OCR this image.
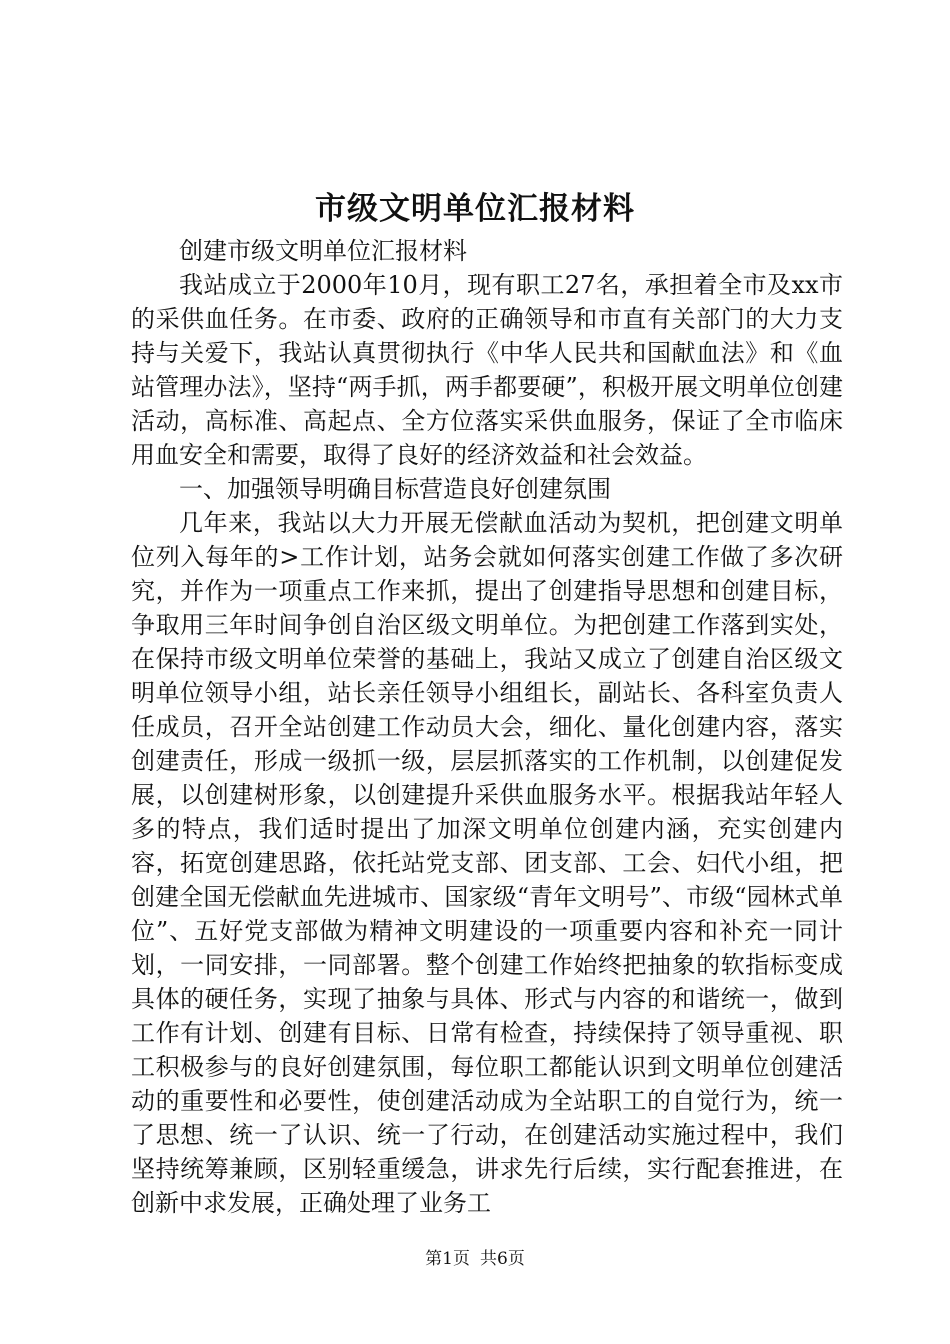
市级文明单位汇报材料

创建市级文明单位汇报材料

我站成立于2000年10月，现有职工27名，承担着全市及xx市的采供血任务。在市委、政府的正确领导和市直有关部门的大力支持与关爱下，我站认真贯彻执行《中华人民共和国献血法》和《血站管理办法》，坚持“两手抓，两手都要硬”，积极开展文明单位创建活动，高标准、高起点、全方位落实采供血服务，保证了全市临床用血安全和需要，取得了良好的经济效益和社会效益。

一、加强领导明确目标营造良好创建氛围

几年来，我站以大力开展无偿献血活动为契机，把创建文明单位列入每年的>工作计划，站务会就如何落实创建工作做了多次研究，并作为一项重点工作来抓，提出了创建指导思想和创建目标，争取用三年时间争创自治区级文明单位。为把创建工作落到实处，在保持市级文明单位荣誉的基础上，我站又成立了创建自治区级文明单位领导小组，站长亲任领导小组组长，副站长、各科室负责人任成员，召开全站创建工作动员大会，细化、量化创建内容，落实创建责任，形成一级抓一级，层层抓落实的工作机制，以创建促发展，以创建树形象，以创建提升采供血服务水平。根据我站年轻人多的特点，我们适时提出了加深文明单位创建内涵，充实创建内容，拓宽创建思路，依托站党支部、团支部、工会、妇代小组，把创建全国无偿献血先进城市、国家级“青年文明号”、市级“园林式单位”、五好党支部做为精神文明建设的一项重要内容和补充一同计划，一同安排，一同部署。整个创建工作始终把抽象的软指标变成具体的硬任务，实现了抽象与具体、形式与内容的和谐统一，做到工作有计划、创建有目标、日常有检查，持续保持了领导重视、职工积极参与的良好创建氛围，每位职工都能认识到文明单位创建活动的重要性和必要性，使创建活动成为全站职工的自觉行为，统一了思想、统一了认识、统一了行动，在创建活动实施过程中，我们坚持统筹兼顾，区别轻重缓急，讲求先行后续，实行配套推进，在创新中求发展，正确处理了业务工

第1页 共6页
